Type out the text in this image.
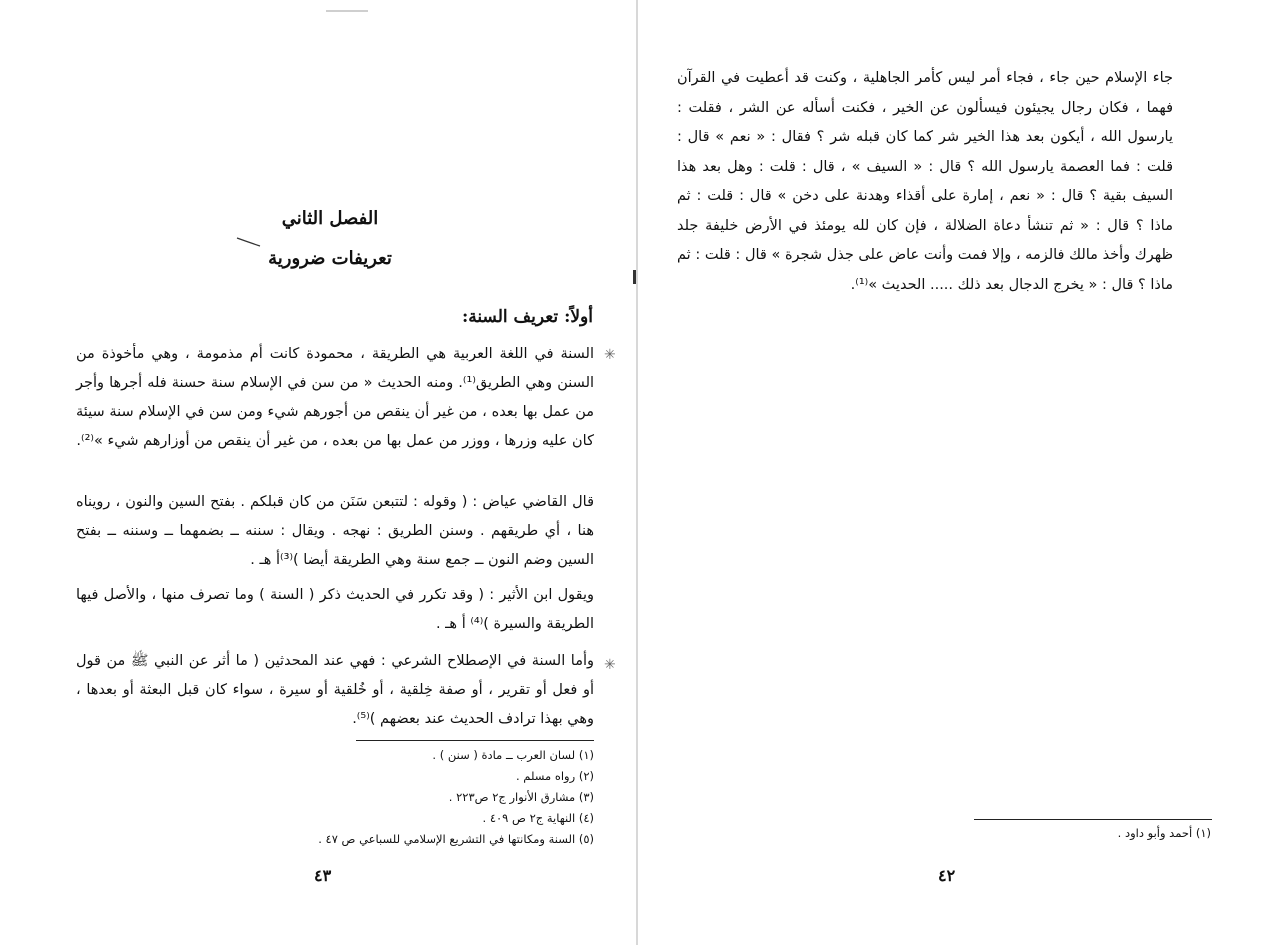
الفصل الثاني
تعريفات ضرورية
أولاً: تعريف السنة:
✳

السنة في اللغة العربية هي الطريقة ، محمودة كانت أم مذمومة ، وهي مأخوذة من السنن وهي الطريق⁽¹⁾. ومنه الحديث « من سن في الإسلام سنة حسنة فله أجرها وأجر من عمل بها بعده ، من غير أن ينقص من أجورهم شيء ومن سن في الإسلام سنة سيئة كان عليه وزرها ، ووزر من عمل بها من بعده ، من غير أن ينقص من أوزارهم شيء »⁽²⁾.

قال القاضي عياض : ( وقوله : لتتبعن سَنَن من كان قبلكم . بفتح السين والنون ، رويناه هنا ، أي طريقهم . وسنن الطريق : نهجه . ويقال : سننه ــ بضمهما ــ وسننه ــ بفتح السين وضم النون ــ جمع سنة وهي الطريقة أيضا )⁽³⁾أ هـ .

ويقول ابن الأثير : ( وقد تكرر في الحديث ذكر ( السنة ) وما تصرف منها ، والأصل فيها الطريقة والسيرة )⁽⁴⁾ أ هـ .

✳

وأما السنة في الإصطلاح الشرعي : فهي عند المحدثين ( ما أثر عن النبي ﷺ من قول أو فعل أو تقرير ، أو صفة خِلقية ، أو خُلقية أو سيرة ، سواء كان قبل البعثة أو بعدها ، وهي بهذا ترادف الحديث عند بعضهم )⁽⁵⁾.

(١) لسان العرب ــ مادة ( سنن ) .
(٢) رواه مسلم .
(٣) مشارق الأنوار ج٢ ص٢٢٣ .
(٤) النهاية ج٢ ص ٤٠٩ .
(٥) السنة ومكانتها في التشريع الإسلامي للسباعي ص ٤٧ .
٤٣

جاء الإسلام حين جاء ، فجاء أمر ليس كأمر الجاهلية ، وكنت قد أعطيت في القرآن فهما ، فكان رجال يجيئون فيسألون عن الخير ، فكنت أسأله عن الشر ، فقلت : يارسول الله ، أيكون بعد هذا الخير شر كما كان قبله شر ؟ فقال : « نعم » قال : قلت : فما العصمة يارسول الله ؟ قال : « السيف » ، قال : قلت : وهل بعد هذا السيف بقية ؟ قال : « نعم ، إمارة على أقذاء وهدنة على دخن » قال : قلت : ثم ماذا ؟ قال : « ثم تنشأ دعاة الضلالة ، فإن كان لله يومئذ في الأرض خليفة جلد ظهرك وأخذ مالك فالزمه ، وإلا فمت وأنت عاض على جذل شجرة » قال : قلت : ثم ماذا ؟ قال : « يخرج الدجال بعد ذلك ..... الحديث »⁽¹⁾.

(١) أحمد وأبو داود .
٤٢
